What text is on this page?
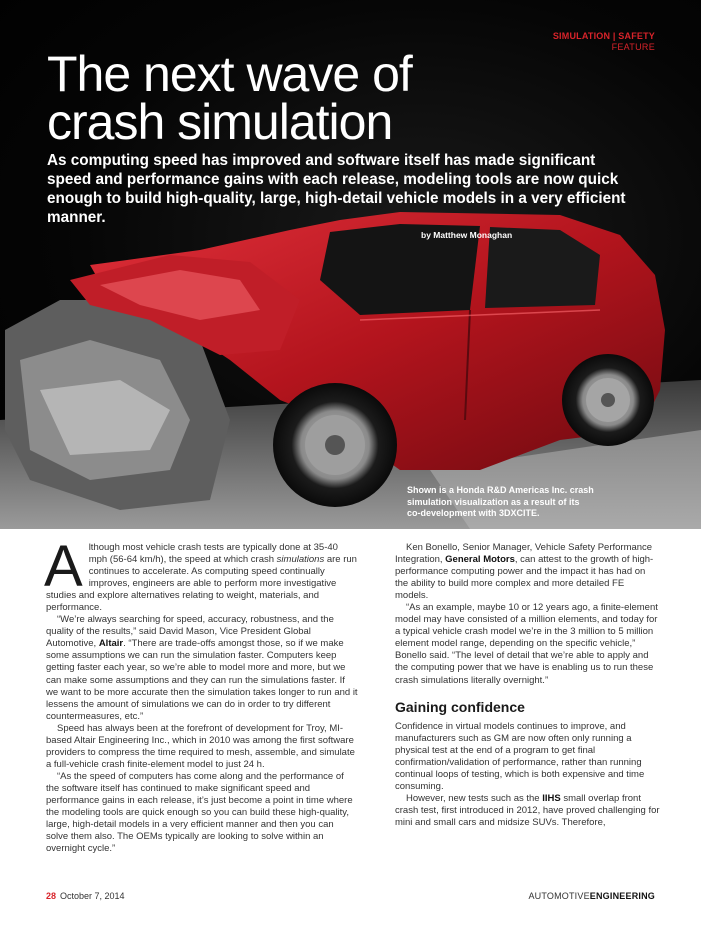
SIMULATION | SAFETY
FEATURE
The next wave of
crash simulation
As computing speed has improved and software itself has made significant speed and performance gains with each release, modeling tools are now quick enough to build high-quality, large, high-detail vehicle models in a very efficient manner.
by Matthew Monaghan
Shown is a Honda R&D Americas Inc. crash
simulation visualization as a result of its
co-development with 3DXCITE.

Although most vehicle crash tests are typically done at 35-40 mph (56-64 km/h), the speed at which crash simulations are run continues to accelerate. As computing speed continually improves, engineers are able to perform more investigative studies and explore alternatives relating to weight, materials, and performance.

“We’re always searching for speed, accuracy, robustness, and the quality of the results,” said David Mason, Vice President Global Automotive, Altair. “There are trade-offs amongst those, so if we make some assumptions we can run the simulation faster. Computers keep getting faster each year, so we’re able to model more and more, but we can make some assumptions and they can run the simulations faster. If we want to be more accurate then the simulation takes longer to run and it lessens the amount of simulations we can do in order to try different countermeasures, etc.”

Speed has always been at the forefront of development for Troy, MI-based Altair Engineering Inc., which in 2010 was among the first software providers to compress the time required to mesh, assemble, and simulate a full-vehicle crash finite-element model to just 24 h.

“As the speed of computers has come along and the performance of the software itself has continued to make significant speed and performance gains in each release, it’s just become a point in time where the modeling tools are quick enough so you can build these high-quality, large, high-detail models in a very efficient manner and then you can solve them also. The OEMs typically are looking to solve within an overnight cycle.”

Ken Bonello, Senior Manager, Vehicle Safety Performance Integration, General Motors, can attest to the growth of high-performance computing power and the impact it has had on the ability to build more complex and more detailed FE models.

“As an example, maybe 10 or 12 years ago, a finite-element model may have consisted of a million elements, and today for a typical vehicle crash model we’re in the 3 million to 5 million element model range, depending on the specific vehicle,” Bonello said. “The level of detail that we’re able to apply and the computing power that we have is enabling us to run these crash simulations literally overnight.”

Gaining confidence

Confidence in virtual models continues to improve, and manufacturers such as GM are now often only running a physical test at the end of a program to get final confirmation/validation of performance, rather than running continual loops of testing, which is both expensive and time consuming.

However, new tests such as the IIHS small overlap front crash test, first introduced in 2012, have proved challenging for mini and small cars and midsize SUVs. Therefore,

28 October 7, 2014	AUTOMOTIVEENGINEERING
